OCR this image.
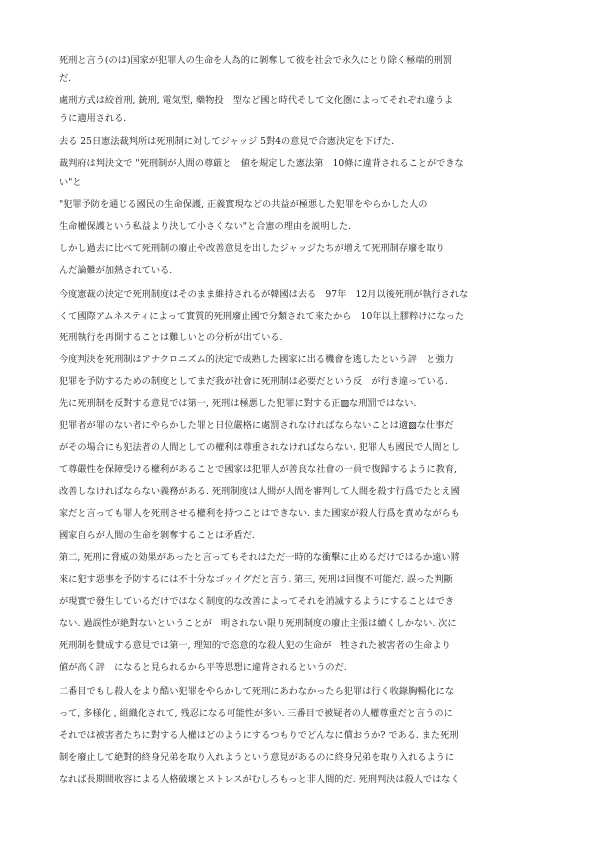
死刑と言う(のは)国家が犯罪人の生命を人為的に剝奪して彼を社会で永久にとり除く極端的刑罰

だ.

處刑方式は絞首刑, 銃刑, 電気型, 藥物投　型など國と時代そして文化圏によってそれぞれ違うよ

うに適用される.

去る 25日憲法裁判所は死刑制に対してジャッジ 5對4の意見で合憲決定を下げた.

裁判府は判決文で "死刑制が人間の尊厳と　値を規定した憲法第　10條に違背されることができな

い"と

"犯罪予防を通じる國民の生命保護, 正義實現などの共益が極悪した犯罪をやらかした人の

生命權保護という私益より決して小さくない"と合憲の理由を説明した.

しかし過去に比べて死刑制の廢止や改善意見を出したジャッジたちが增えて死刑制存廢を取り

んだ論難が加熱されている.

今度憲裁の決定で死刑制度はそのまま維持されるが韓國は去る　97年　12月以後死刑が執行されな

くて國際アムネスティによって實質的死刑廢止國で分類されて來たから　10年以上膠粹けになった

死刑執行を再開することは難しいとの分析が出ている.

今度判決を死刑制はアナクロニズム的決定で成熟した國家に出る機會を逃したという評　と強力

犯罪を予防するための制度としてまだ我が社會に死刑制は必要だという反　が行き違っている.

先に死刑制を反對する意見では第一, 死刑は極悪した犯罪に對する正▨な刑罰ではない.

犯罪者が罪のない者にやらかした罪と日位嚴格に處罰されなければならないことは適▨な仕事だ

がその場合にも犯法者の人間としての權利は尊重されなければならない. 犯罪人も國民で人間とし

て尊嚴性を保障受ける權利があることで國家は犯罪人が善良な社會の一員で復歸するように教育,

改善しなければならない義務がある. 死刑制度は人間が人間を審判して人間を殺す行爲でたとえ國

家だと言っても罪人を死刑させる權利を持つことはできない. また國家が殺人行爲を責めながらも

國家自らが人間の生命を剝奪することは矛盾だ.

第二, 死刑に脅威の効果があったと言ってもそれはただ一時的な衝擊に止めるだけではるか遠い將

來に犯す惡事を予防するには不十分なゴッイグだと言う. 第三, 死刑は回復不可能だ. 誤った判斷

が現實で發生しているだけではなく制度的な改善によってそれを消滅するようにすることはでき

ない. 過誤性が絶對ないということが　明されない限り死刑制度の廢止主張は續くしかない. 次に

死刑制を贊成する意見では第一, 理知的で恣意的な殺人犯の生命が　牲された被害者の生命より

値が高く評　になると見られるから平等思想に違背されるというのだ.

二番目でもし殺人をより酷い犯罪をやらかして死刑にあわなかったら犯罪は行く收錄胸暢化にな

って, 多様化 , 組織化されて, 残忍になる可能性が多い. 三番目で被疑者の人權尊重だと言うのに

それでは被害者たちに對する人權はどのようにするつもりでどんなに償おうか? である. また死刑

制を廢止して絶對的終身兄弟を取り入れようという意見があるのに終身兄弟を取り入れるように

なれば長期間收容による人格破壞とストレスがむしろもっと非人間的だ. 死刑判決は殺人ではなく
